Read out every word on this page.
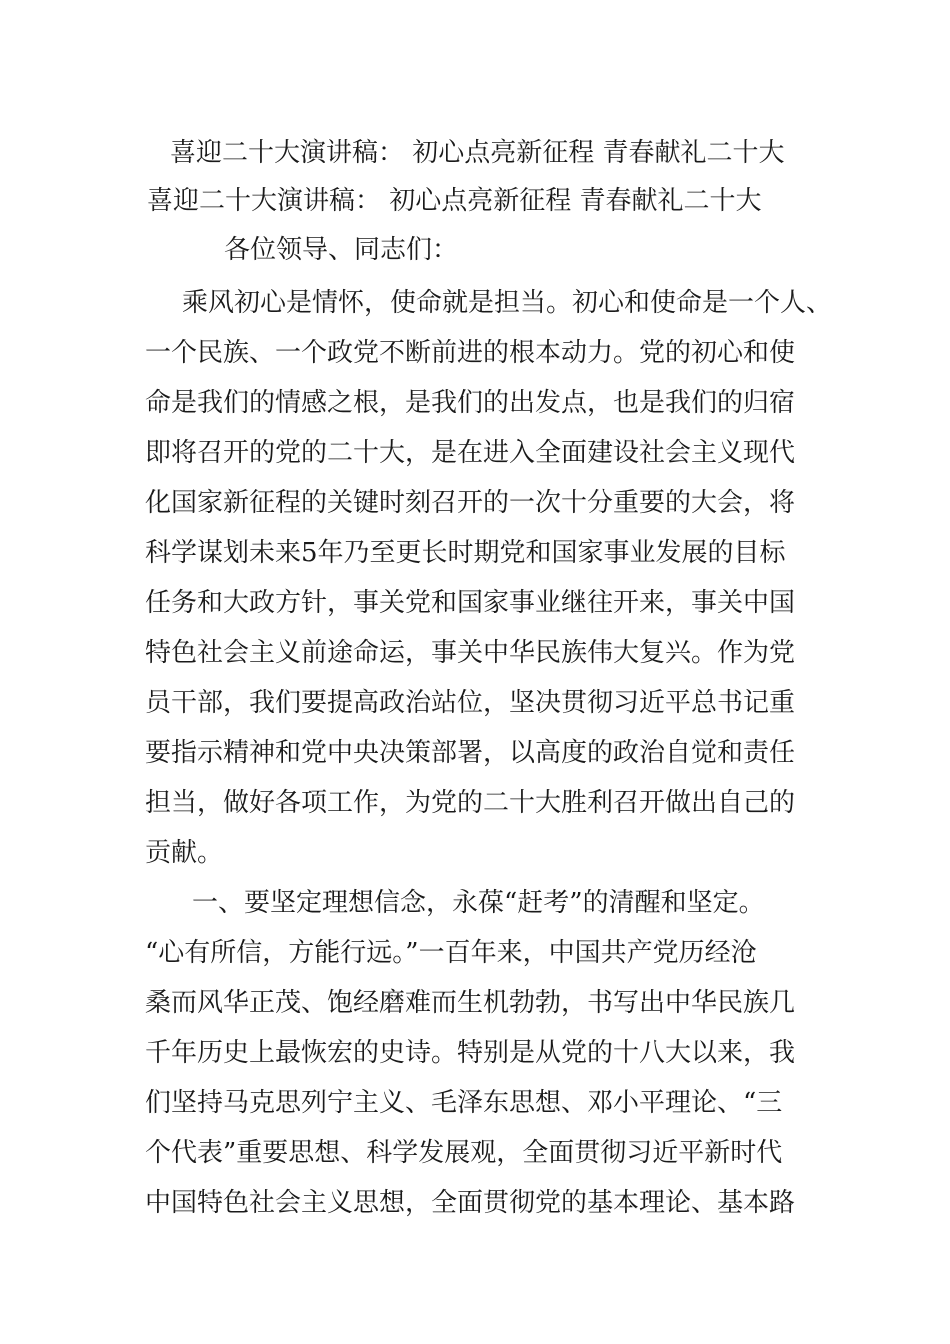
喜迎二十大演讲稿： 初心点亮新征程 青春献礼二十大
喜迎二十大演讲稿： 初心点亮新征程 青春献礼二十大
各位领导、同志们：
乘风初心是情怀，使命就是担当。初心和使命是一个人、
一个民族、一个政党不断前进的根本动力。党的初心和使
命是我们的情感之根，是我们的出发点，也是我们的归宿
即将召开的党的二十大，是在进入全面建设社会主义现代
化国家新征程的关键时刻召开的一次十分重要的大会，将
科学谋划未来5年乃至更长时期党和国家事业发展的目标
任务和大政方针，事关党和国家事业继往开来，事关中国
特色社会主义前途命运，事关中华民族伟大复兴。作为党
员干部，我们要提高政治站位，坚决贯彻习近平总书记重
要指示精神和党中央决策部署，以高度的政治自觉和责任
担当，做好各项工作，为党的二十大胜利召开做出自己的
贡献。
一、要坚定理想信念，永葆“赶考”的清醒和坚定。
“心有所信，方能行远。”一百年来，中国共产党历经沧
桑而风华正茂、饱经磨难而生机勃勃，书写出中华民族几
千年历史上最恢宏的史诗。特别是从党的十八大以来，我
们坚持马克思列宁主义、毛泽东思想、邓小平理论、“三
个代表”重要思想、科学发展观，全面贯彻习近平新时代
中国特色社会主义思想，全面贯彻党的基本理论、基本路
